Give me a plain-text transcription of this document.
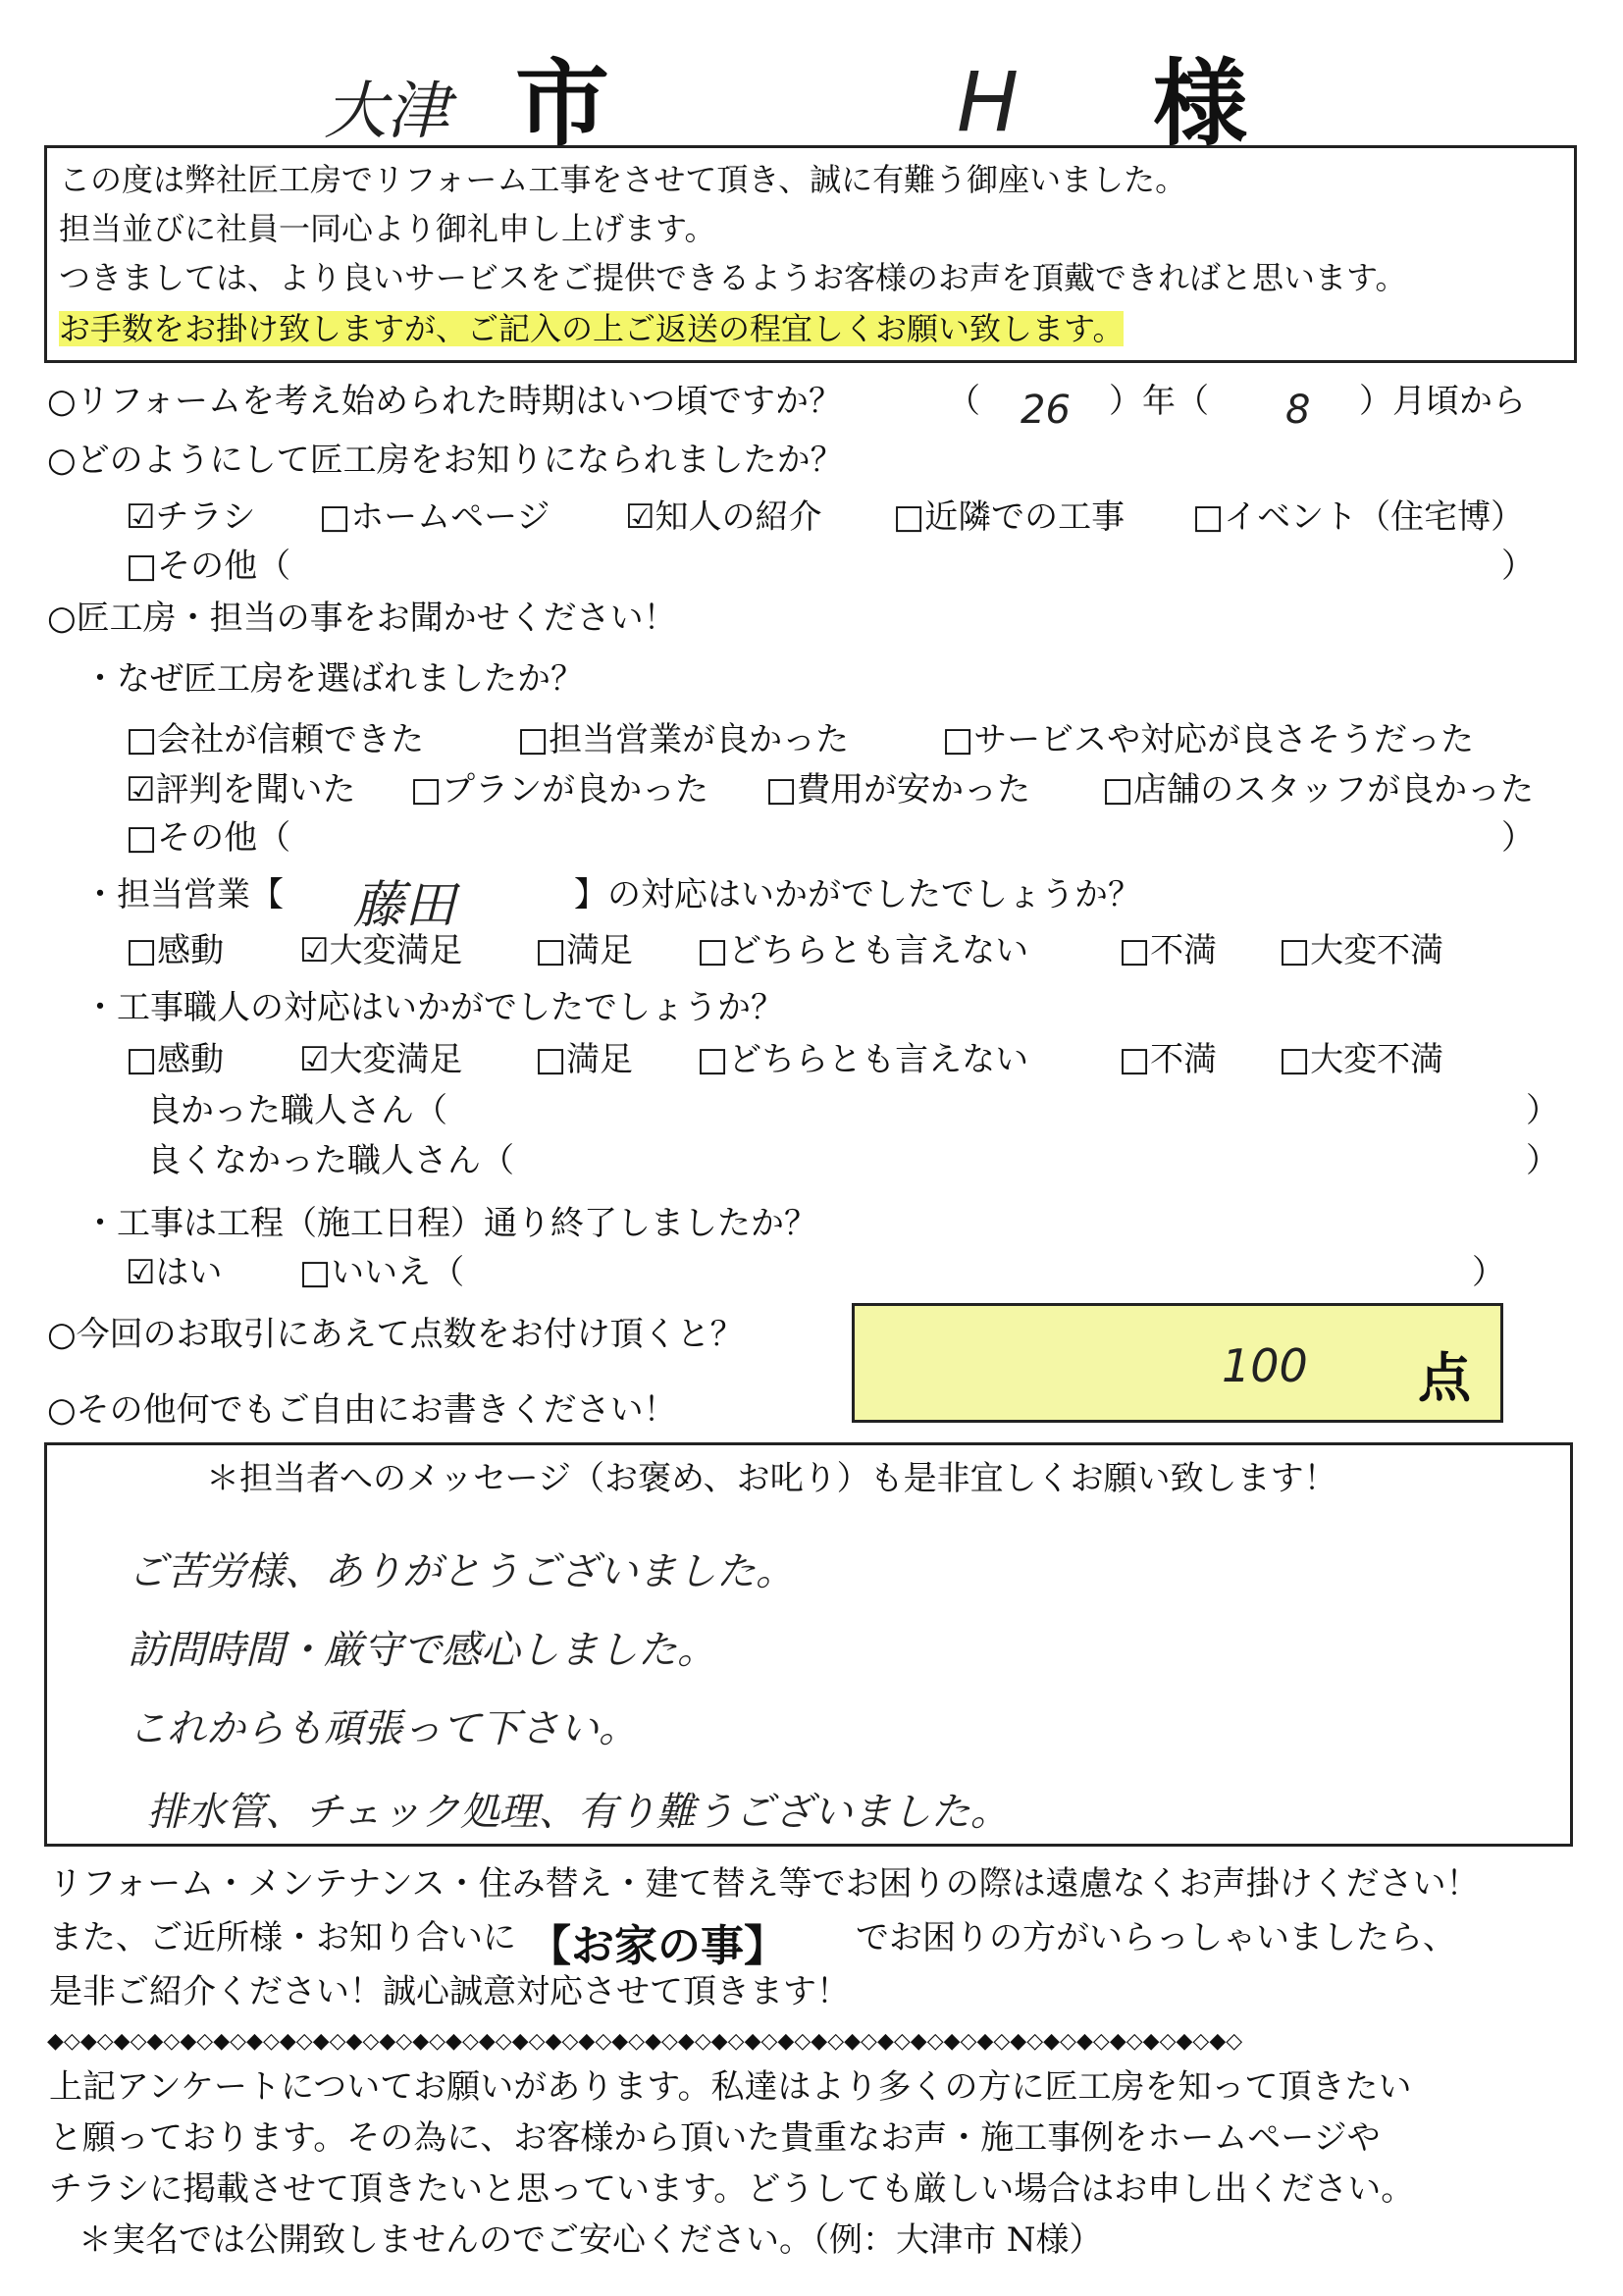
大津 市	H 様
この度は弊社匠工房でリフォーム工事をさせて頂き、誠に有難う御座いました。
担当並びに社員一同心より御礼申し上げます。
つきましては、より良いサービスをご提供できるようお客様のお声を頂戴できればと思います。
お手数をお掛け致しますが、ご記入の上ご返送の程宜しくお願い致します。
○リフォームを考え始められた時期はいつ頃ですか？	（ 26 ）年（ 8 ）月頃から
○どのようにして匠工房をお知りになられましたか？
☑チラシ □ホームページ ☑知人の紹介 □近隣での工事 □イベント（住宅博）
□その他（	）
○匠工房・担当の事をお聞かせください！
・なぜ匠工房を選ばれましたか？
□会社が信頼できた	□担当営業が良かった	□サービスや対応が良さそうだった
☑評判を聞いた □プランが良かった □費用が安かった □店舗のスタッフが良かった
□その他（	）
・担当営業【 藤田	】の対応はいかがでしたでしょうか？
□感動 ☑大変満足 □満足 □どちらとも言えない	□不満 □大変不満
・工事職人の対応はいかがでしたでしょうか？
□感動 ☑大変満足 □満足 □どちらとも言えない	□不満 □大変不満
良かった職人さん（	）
良くなかった職人さん（	）
・工事は工程（施工日程）通り終了しましたか？
☑はい □いいえ（	）
○今回のお取引にあえて点数をお付け頂くと？
100 点
○その他何でもご自由にお書きください！
＊担当者へのメッセージ（お褒め、お叱り）も是非宜しくお願い致します！
ご苦労様、ありがとうございました。
訪問時間・厳守で感心しました。
これからも頑張って下さい。
排水管、チェック処理、有り難うございました。
リフォーム・メンテナンス・住み替え・建て替え等でお困りの際は遠慮なくお声掛けください！
また、ご近所様・お知り合いに 【お家の事】 でお困りの方がいらっしゃいましたら、
是非ご紹介ください！誠心誠意対応させて頂きます！
◆◇◆◇◆◇◆◇◆◇◆◇◆◇◆◇◆◇◆◇◆◇◆◇◆◇◆◇◆◇◆◇◆◇◆◇◆◇◆◇◆◇◆◇◆◇◆◇◆◇◆◇◆◇◆◇◆◇◆◇◆◇◆◇◆◇◆◇◆◇◆◇
上記アンケートについてお願いがあります。私達はより多くの方に匠工房を知って頂きたい
と願っております。その為に、お客様から頂いた貴重なお声・施工事例をホームページや
チラシに掲載させて頂きたいと思っています。どうしても厳しい場合はお申し出ください。
＊実名では公開致しませんのでご安心ください。（例：大津市 N様）
